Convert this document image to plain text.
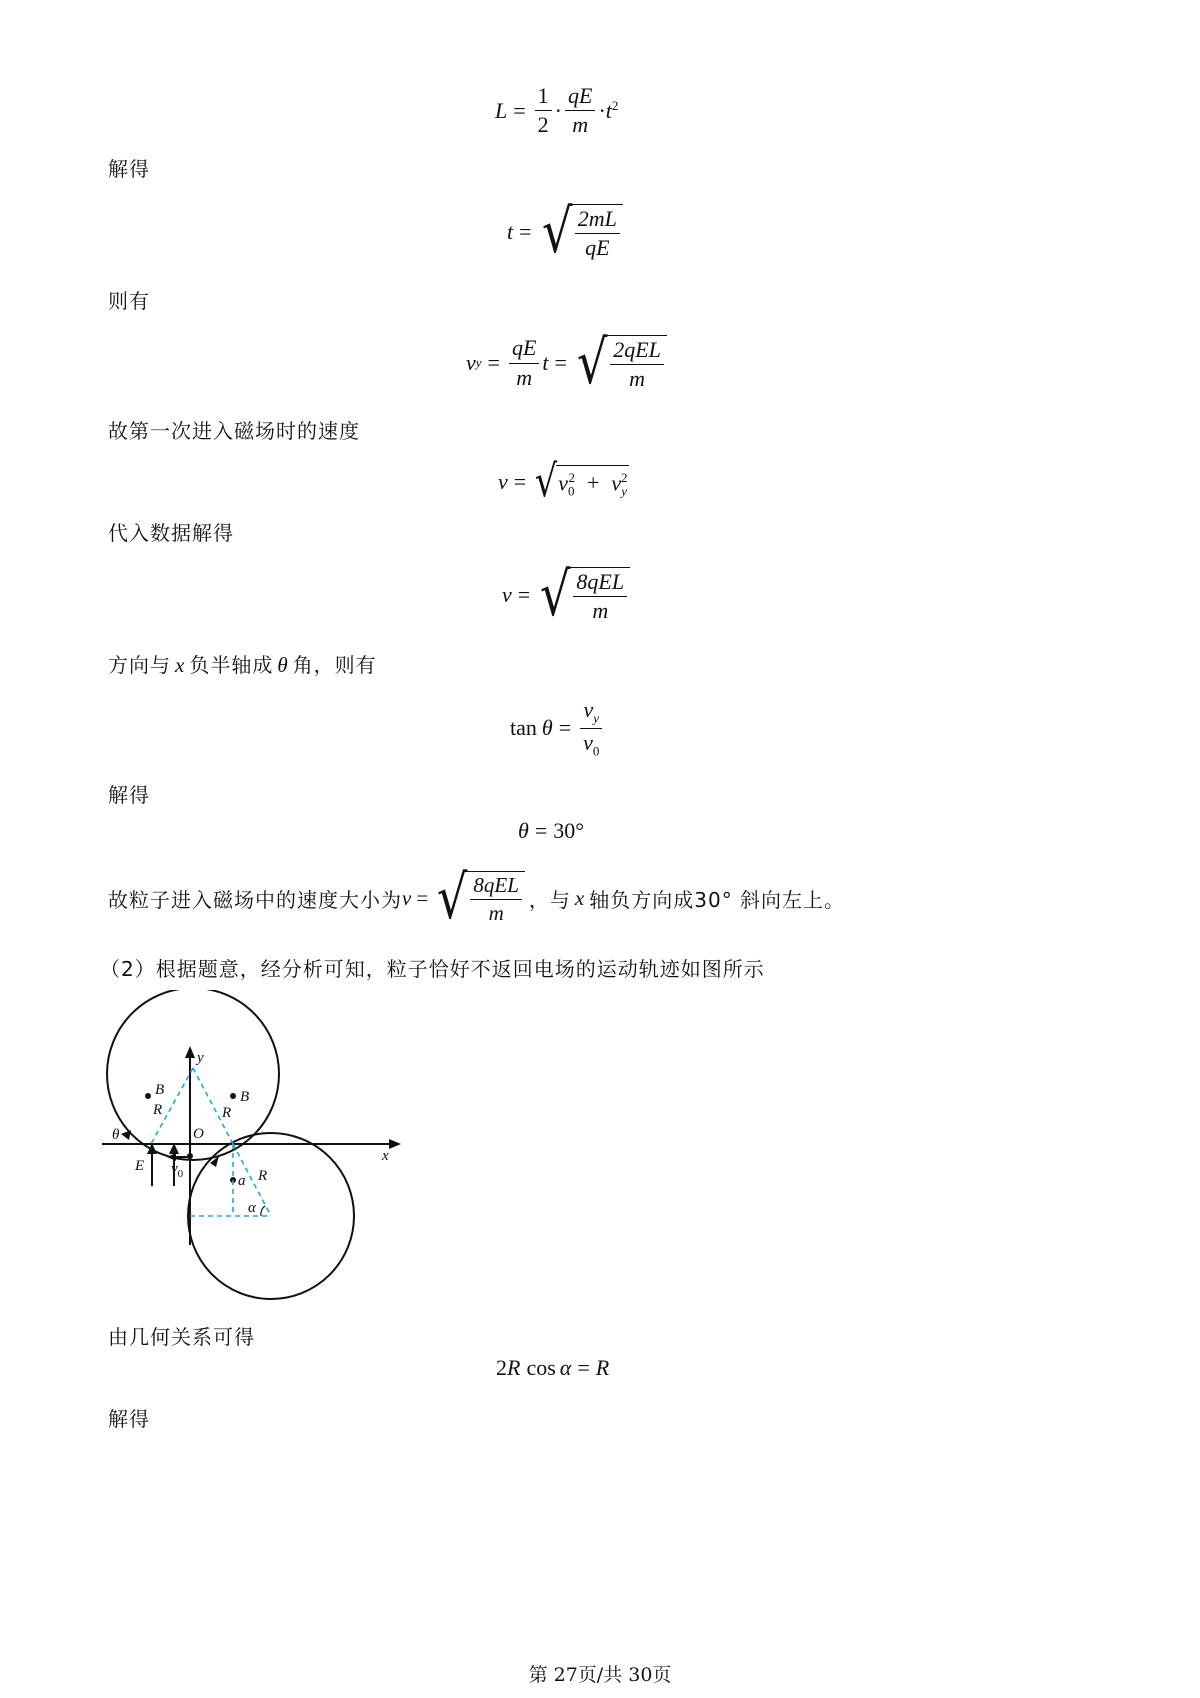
$L = \frac{1}{2} \cdot \frac{qE}{m} \cdot t^2$
解得
t = √ $\frac{2mL}{qE}$
则有
v $y = \frac{qE}{m}$ t = √ $\frac{\text{2qEL}}{m}$
故第一次进入磁场时的速度
v = √ $v_0^2 + v_y^2$
代入数据解得
v = √ $\frac{\text{8qEL}}{m}$
方向与 x 负半轴成 θ 角，则有
$\tan \theta = \frac{v_y}{v_0}$
解得
θ = 30°
故粒子进入磁场中的速度大小为 v = √ $\frac{\text{8qEL}}{m}$ ，与 x 轴负方向成30° 斜向左上。
（2）根据题意，经分析可知，粒子恰好不返回电场的运动轨迹如图所示
y
x
O
B	B
R	R
R
θ
E $v_0$	a
α
由几何关系可得
2 R cos α = R
解得
第 27页/共 30页
